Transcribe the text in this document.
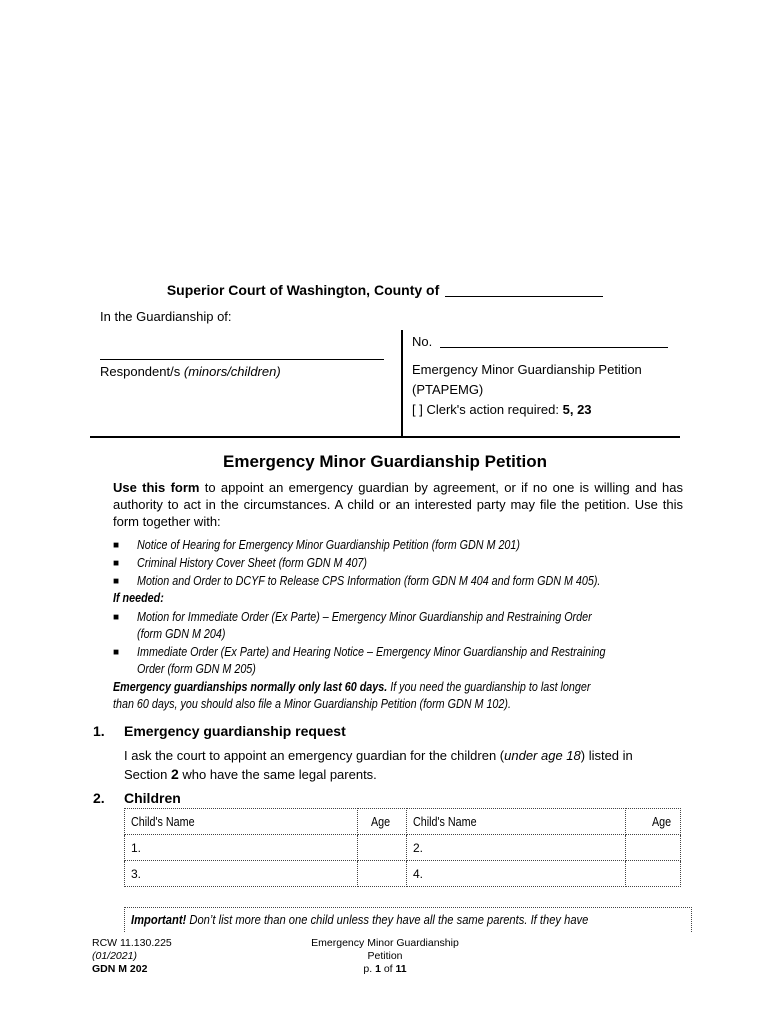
Superior Court of Washington, County of
In the Guardianship of:
Respondent/s (minors/children)
No.
Emergency Minor Guardianship Petition
(PTAPEMG)
[ ] Clerk's action required: 5, 23
Emergency Minor Guardianship Petition
Use this form to appoint an emergency guardian by agreement, or if no one is willing and has authority to act in the circumstances. A child or an interested party may file the petition. Use this form together with:
■ Notice of Hearing for Emergency Minor Guardianship Petition (form GDN M 201)
■ Criminal History Cover Sheet (form GDN M 407)
■ Motion and Order to DCYF to Release CPS Information (form GDN M 404 and form GDN M 405).
If needed:
■ Motion for Immediate Order (Ex Parte) – Emergency Minor Guardianship and Restraining Order
(form GDN M 204)
■ Immediate Order (Ex Parte) and Hearing Notice – Emergency Minor Guardianship and Restraining
Order (form GDN M 205)
Emergency guardianships normally only last 60 days. If you need the guardianship to last longer
than 60 days, you should also file a Minor Guardianship Petition (form GDN M 102).
1. Emergency guardianship request
I ask the court to appoint an emergency guardian for the children (under age 18) listed in
Section 2 who have the same legal parents.
2. Children
Child's Name	Age	Child's Name	Age
1.		2.	
3.		4.	
Important! Don’t list more than one child unless they have all the same parents. If they have
RCW 11.130.225
(01/2021)
GDN M 202
Emergency Minor Guardianship
Petition
p. 1 of 11
